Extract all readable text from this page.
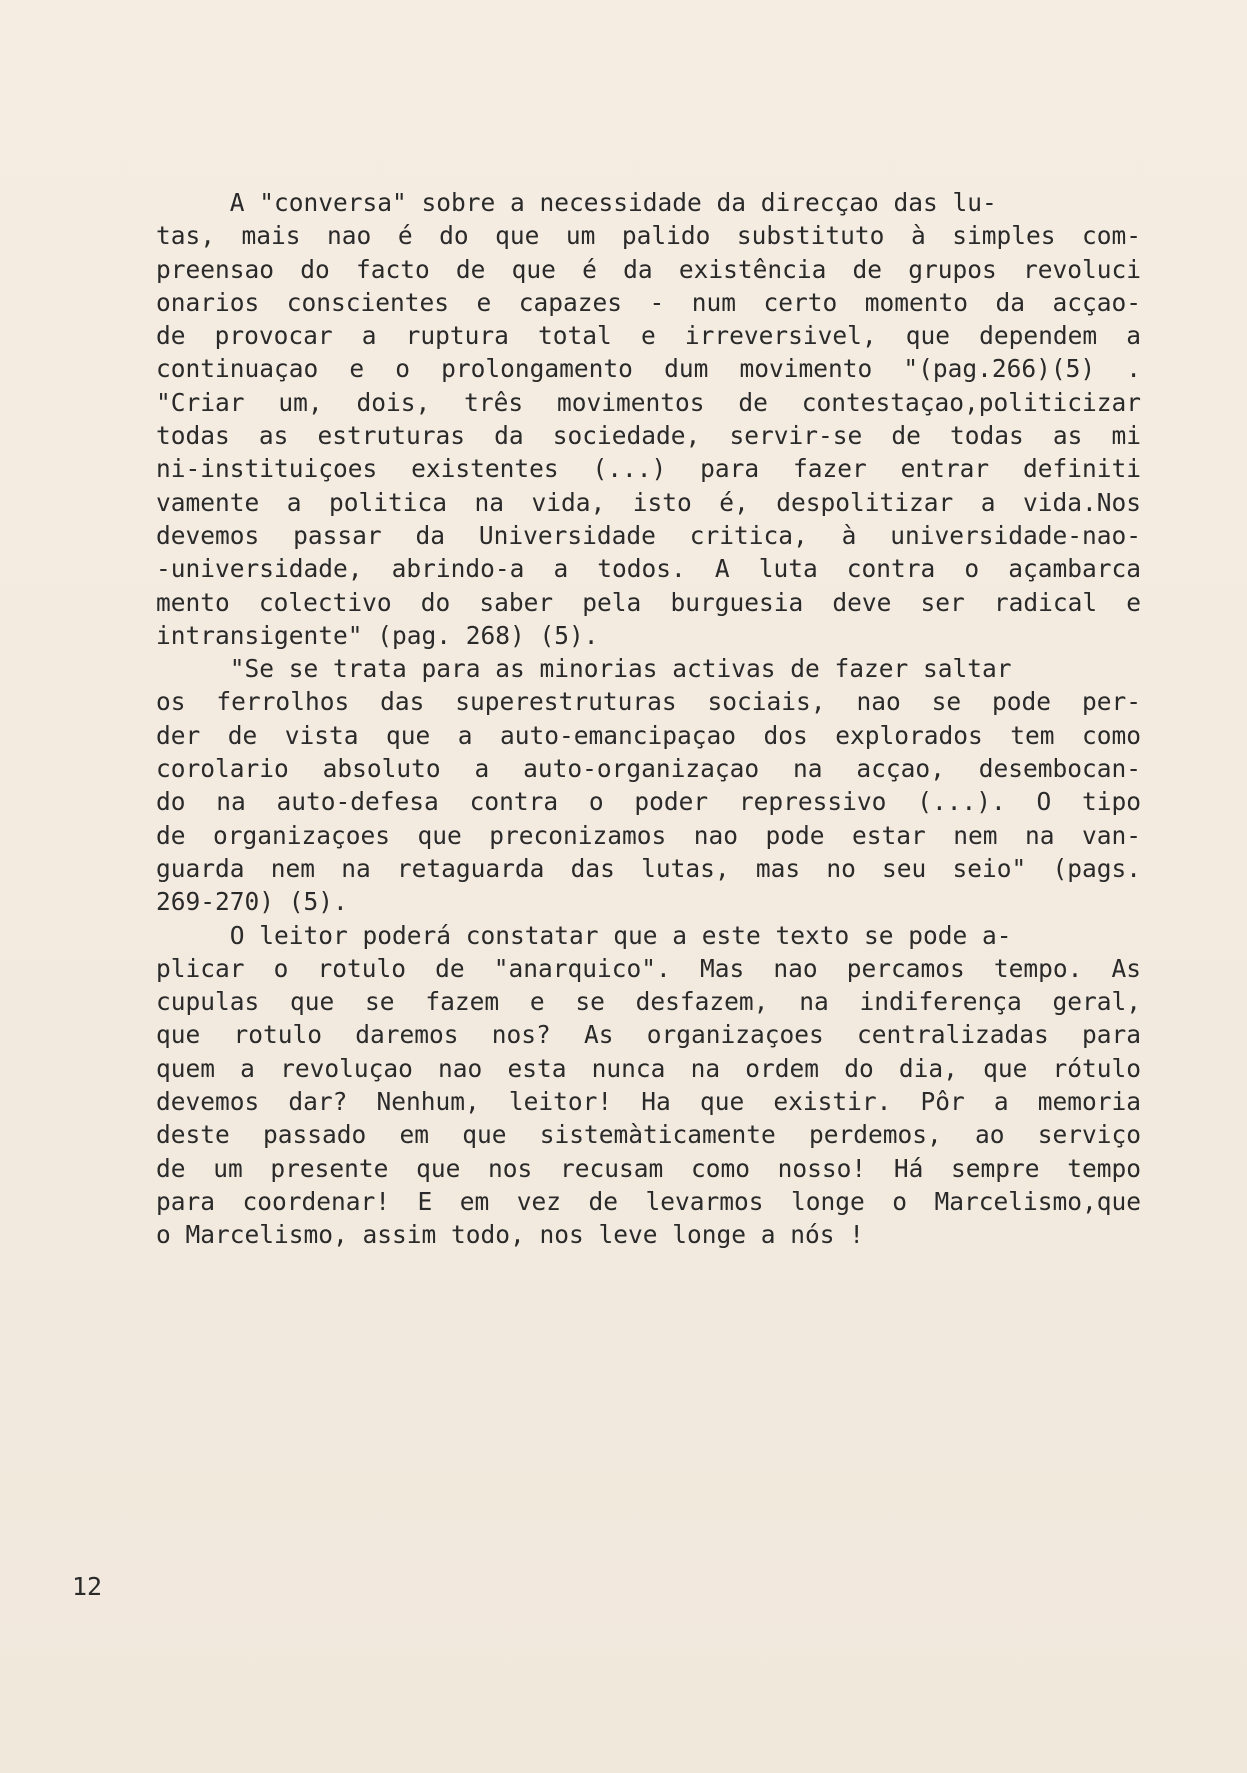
A "conversa" sobre a necessidade da direcçao das lu-
tas, mais nao é do que um palido substituto à simples com-
preensao do facto de que é da existência de grupos revoluci
onarios conscientes e capazes - num certo momento da acçao-
de provocar a ruptura total e irreversivel, que dependem a
continuaçao e o prolongamento dum movimento "(pag.266)(5) .
"Criar um, dois, três movimentos de contestaçao,politicizar
todas as estruturas da sociedade, servir-se de todas as mi
ni-instituiçoes existentes (...) para fazer entrar definiti
vamente a politica na vida, isto é, despolitizar a vida.Nos
devemos passar da Universidade critica, à universidade-nao-
-universidade, abrindo-a a todos. A luta contra o açambarca
mento colectivo do saber pela burguesia deve ser radical e
intransigente" (pag. 268) (5).
"Se se trata para as minorias activas de fazer saltar
os ferrolhos das superestruturas sociais, nao se pode per-
der de vista que a auto-emancipaçao dos explorados tem como
corolario absoluto a auto-organizaçao na acçao, desembocan-
do na auto-defesa contra o poder repressivo (...). O tipo
de organizaçoes que preconizamos nao pode estar nem na van-
guarda nem na retaguarda das lutas, mas no seu seio" (pags.
269-270) (5).
O leitor poderá constatar que a este texto se pode a-
plicar o rotulo de "anarquico". Mas nao percamos tempo. As
cupulas que se fazem e se desfazem, na indiferença geral,
que rotulo daremos nos? As organizaçoes centralizadas para
quem a revoluçao nao esta nunca na ordem do dia, que rótulo
devemos dar? Nenhum, leitor! Ha que existir. Pôr a memoria
deste passado em que sistemàticamente perdemos, ao serviço
de um presente que nos recusam como nosso! Há sempre tempo
para coordenar! E em vez de levarmos longe o Marcelismo,que
o Marcelismo, assim todo, nos leve longe a nós !
12
